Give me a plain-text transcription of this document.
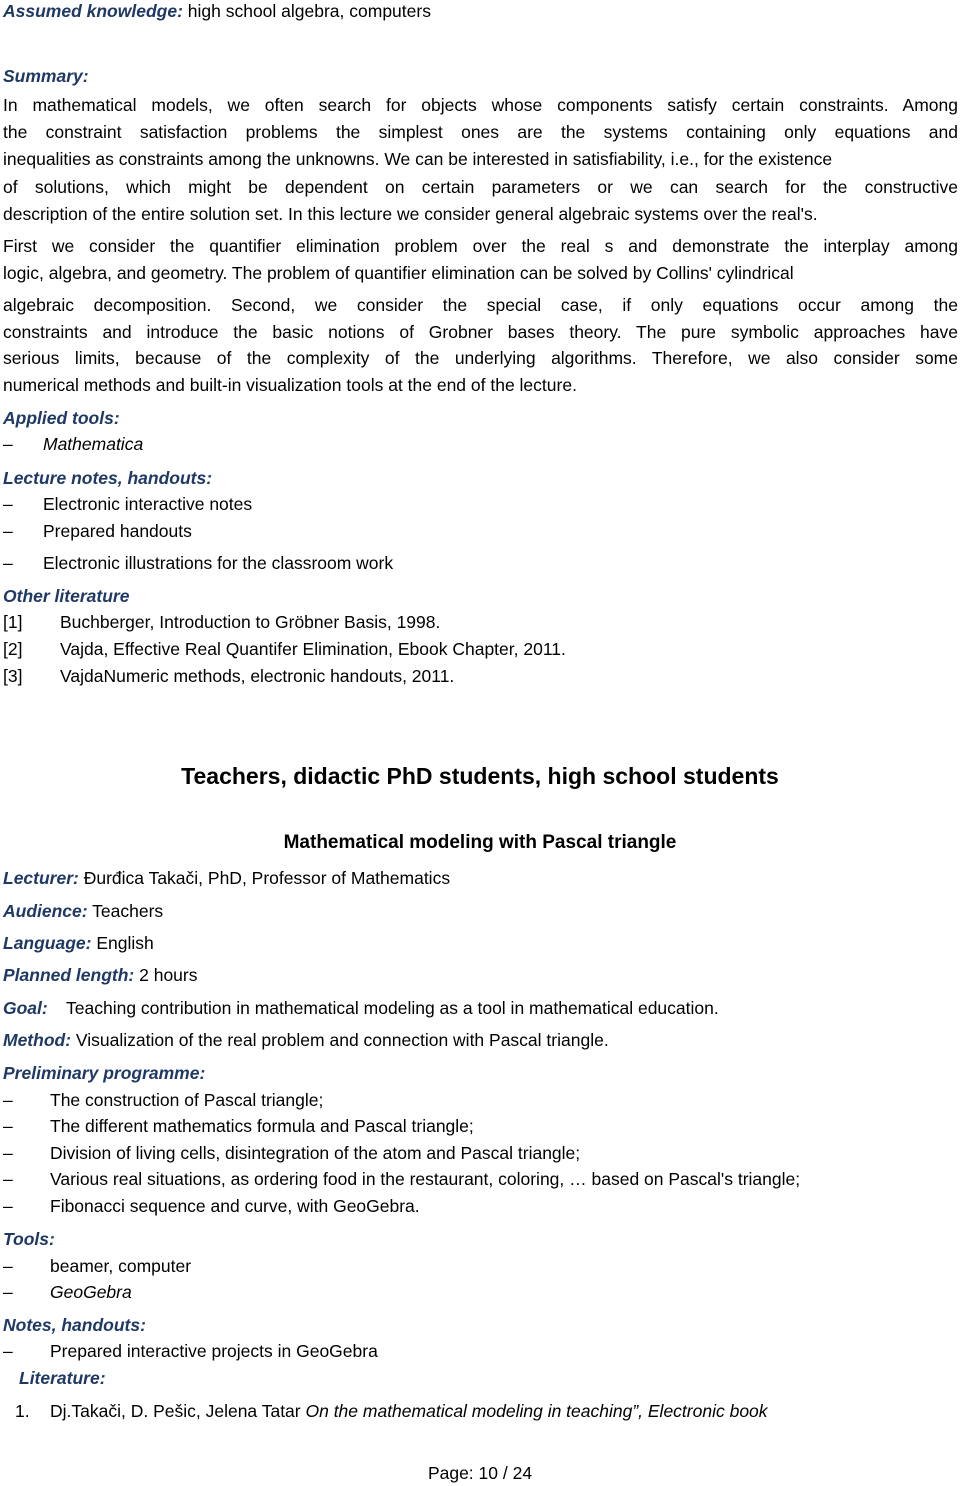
Assumed knowledge: high school algebra, computers
Summary:
In mathematical models, we often search for objects whose components satisfy certain constraints. Among
the constraint satisfaction problems the simplest ones are the systems containing only equations and
inequalities as constraints among the unknowns. We can be interested in satisfiability, i.e., for the existence
of solutions, which might be dependent on certain parameters or we can search for the constructive
description of the entire solution set. In this lecture we consider general algebraic systems over the real's.
First we consider the quantifier elimination problem over the real s and demonstrate the interplay among
logic, algebra, and geometry. The problem of quantifier elimination can be solved by Collins' cylindrical
algebraic decomposition. Second, we consider the special case, if only equations occur among the
constraints and introduce the basic notions of Grobner bases theory. The pure symbolic approaches have
serious limits, because of the complexity of the underlying algorithms. Therefore, we also consider some
numerical methods and built-in visualization tools at the end of the lecture.
Applied tools:
– Mathematica
Lecture notes, handouts:
– Electronic interactive notes
– Prepared handouts
– Electronic illustrations for the classroom work
Other literature
[1] Buchberger, Introduction to Gröbner Basis, 1998.
[2] Vajda, Effective Real Quantifer Elimination, Ebook Chapter, 2011.
[3] VajdaNumeric methods, electronic handouts, 2011.
Teachers, didactic PhD students, high school students
Mathematical modeling with Pascal triangle
Lecturer: Đurđica Takači, PhD, Professor of Mathematics
Audience: Teachers
Language: English
Planned length: 2 hours
Goal: Teaching contribution in mathematical modeling as a tool in mathematical education.
Method: Visualization of the real problem and connection with Pascal triangle.
Preliminary programme:
– The construction of Pascal triangle;
– The different mathematics formula and Pascal triangle;
– Division of living cells, disintegration of the atom and Pascal triangle;
– Various real situations, as ordering food in the restaurant, coloring, … based on Pascal's triangle;
– Fibonacci sequence and curve, with GeoGebra.
Tools:
– beamer, computer
– GeoGebra
Notes, handouts:
– Prepared interactive projects in GeoGebra
Literature:
1. Dj.Takači, D. Pešic, Jelena Tatar On the mathematical modeling in teaching”, Electronic book
Page: 10 / 24
